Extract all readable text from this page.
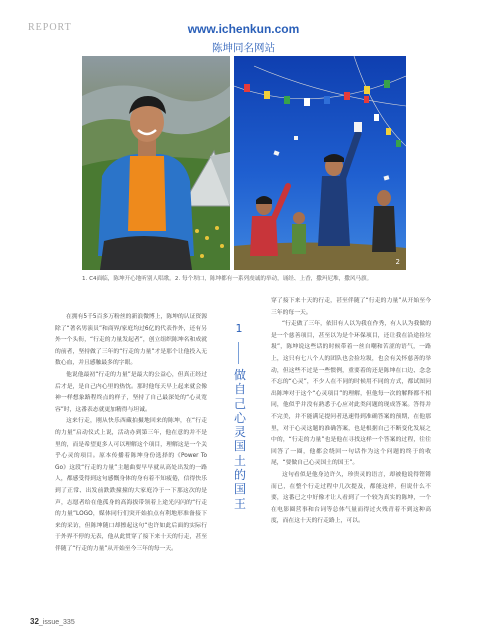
REPORT	www.ichenkun.com
陈坤同名网站
2
1. C4面临，陈坤开心地听别人唱歌。2. 每个坝口，陈坤都有一系列虔诚的举动，诵经、上香，撒玛尼堆，撒风马旗。

在拥有5千5百多万粉丝的新浪微博上，陈坤的认证资源除了“著名男演员”和商界/家庭均过6亿的代表作外，还有另外一个头衔，“行走的力量发起者”，创立组织陈坤名和成就的前者，坚持做了三年的“行走的力量”才是那个让他投入无数心血，并且感触最多的字眼。

他说他最初“行走的力量”是最大的公益心，但真正经过后才是，是自己内心里的热忱。那时他每天早上起来就会像神一样想象路程终点的样子，坚持了自己最深处的“心灵宽容”时，这番表态就更加精得与坦诚。

这来行走，刚从快乐西藏拍摄地回来的陈坤，在“行走的力量”启动仪式上说，活动办到第三年，他在意的并不是里的，而是希望更多人可以理解这个项目，理解这是一个关乎心灵的项目。原本传播着陈坤身份选择的《Power To Go》这段“行走的力量”主题曲要早早就从高处出发的一路人，都感受得到这句感慨身体的身有着不知疲倦，信得快乐到了正常、出发前跌跌撞撞的大家庭冷于一下那这次的是声，志愿者给在他孤身的高海拔带领着上途光闪闪的“行走的力量”LOGO，媒体同行们突开始拍点有利地形准备接下来的采访，但陈坤随口却擦起这句“也许如此后面的实际行于外界不停的无表，他从此贯穿了接下来十天的行走，甚至伴随了“行走的力量”从开始至今三年的每一天。

1
做
自
己
心
灵
国
土
的
国
王

穿了接下来十天的行走，甚至伴随了“行走的力量”从开始至今三年的每一天。

“行走做了三年，依旧有人以为我在作秀，有人认为我做的是一个慈善项目，甚至以为是个环保项目，还让我在沿途捡垃圾”，陈坤说这些话的时候带着一丝自嘲和苦涩的语气，一路上，这只有七八个人的团队也会捡垃圾，也会有关怀慈善的举动，但这些不过是一些惯例，重要着的还是陈坤在口边、念念不忘的“心灵”，不少人在不同的时候用不同的方式，都试图问出陈坤对于这个“心灵项目”的理解，但他每一次的解释都不相同，他似乎并没有熟悉于心应对此类问题的现成答案。答得并不完美，并不能满足提问者迅速得到准确答案的预期，在他那里，对于心灵这题的准确答案，也是根据自己不断变化发展之中的，“行走的力量”也是他在寻找这样一个答案的过程，往往回答了一圈，他都会绕回一句话作为这个问题的终于的收尾，“要做自己心灵国土的国王”。

这句看似是他身边许久，珍贵灵的语言，却被他说得铿锵而已，在整个行走过程中几次提及，都能这样，但说什么不要，这番已之中好像才让人看到了一个较为真实的陈坤，一个在电影圈营事和台词等总体气量而得过火残青着不到这种高度，而在这十天的行走路上，可以。

32_issue_335
